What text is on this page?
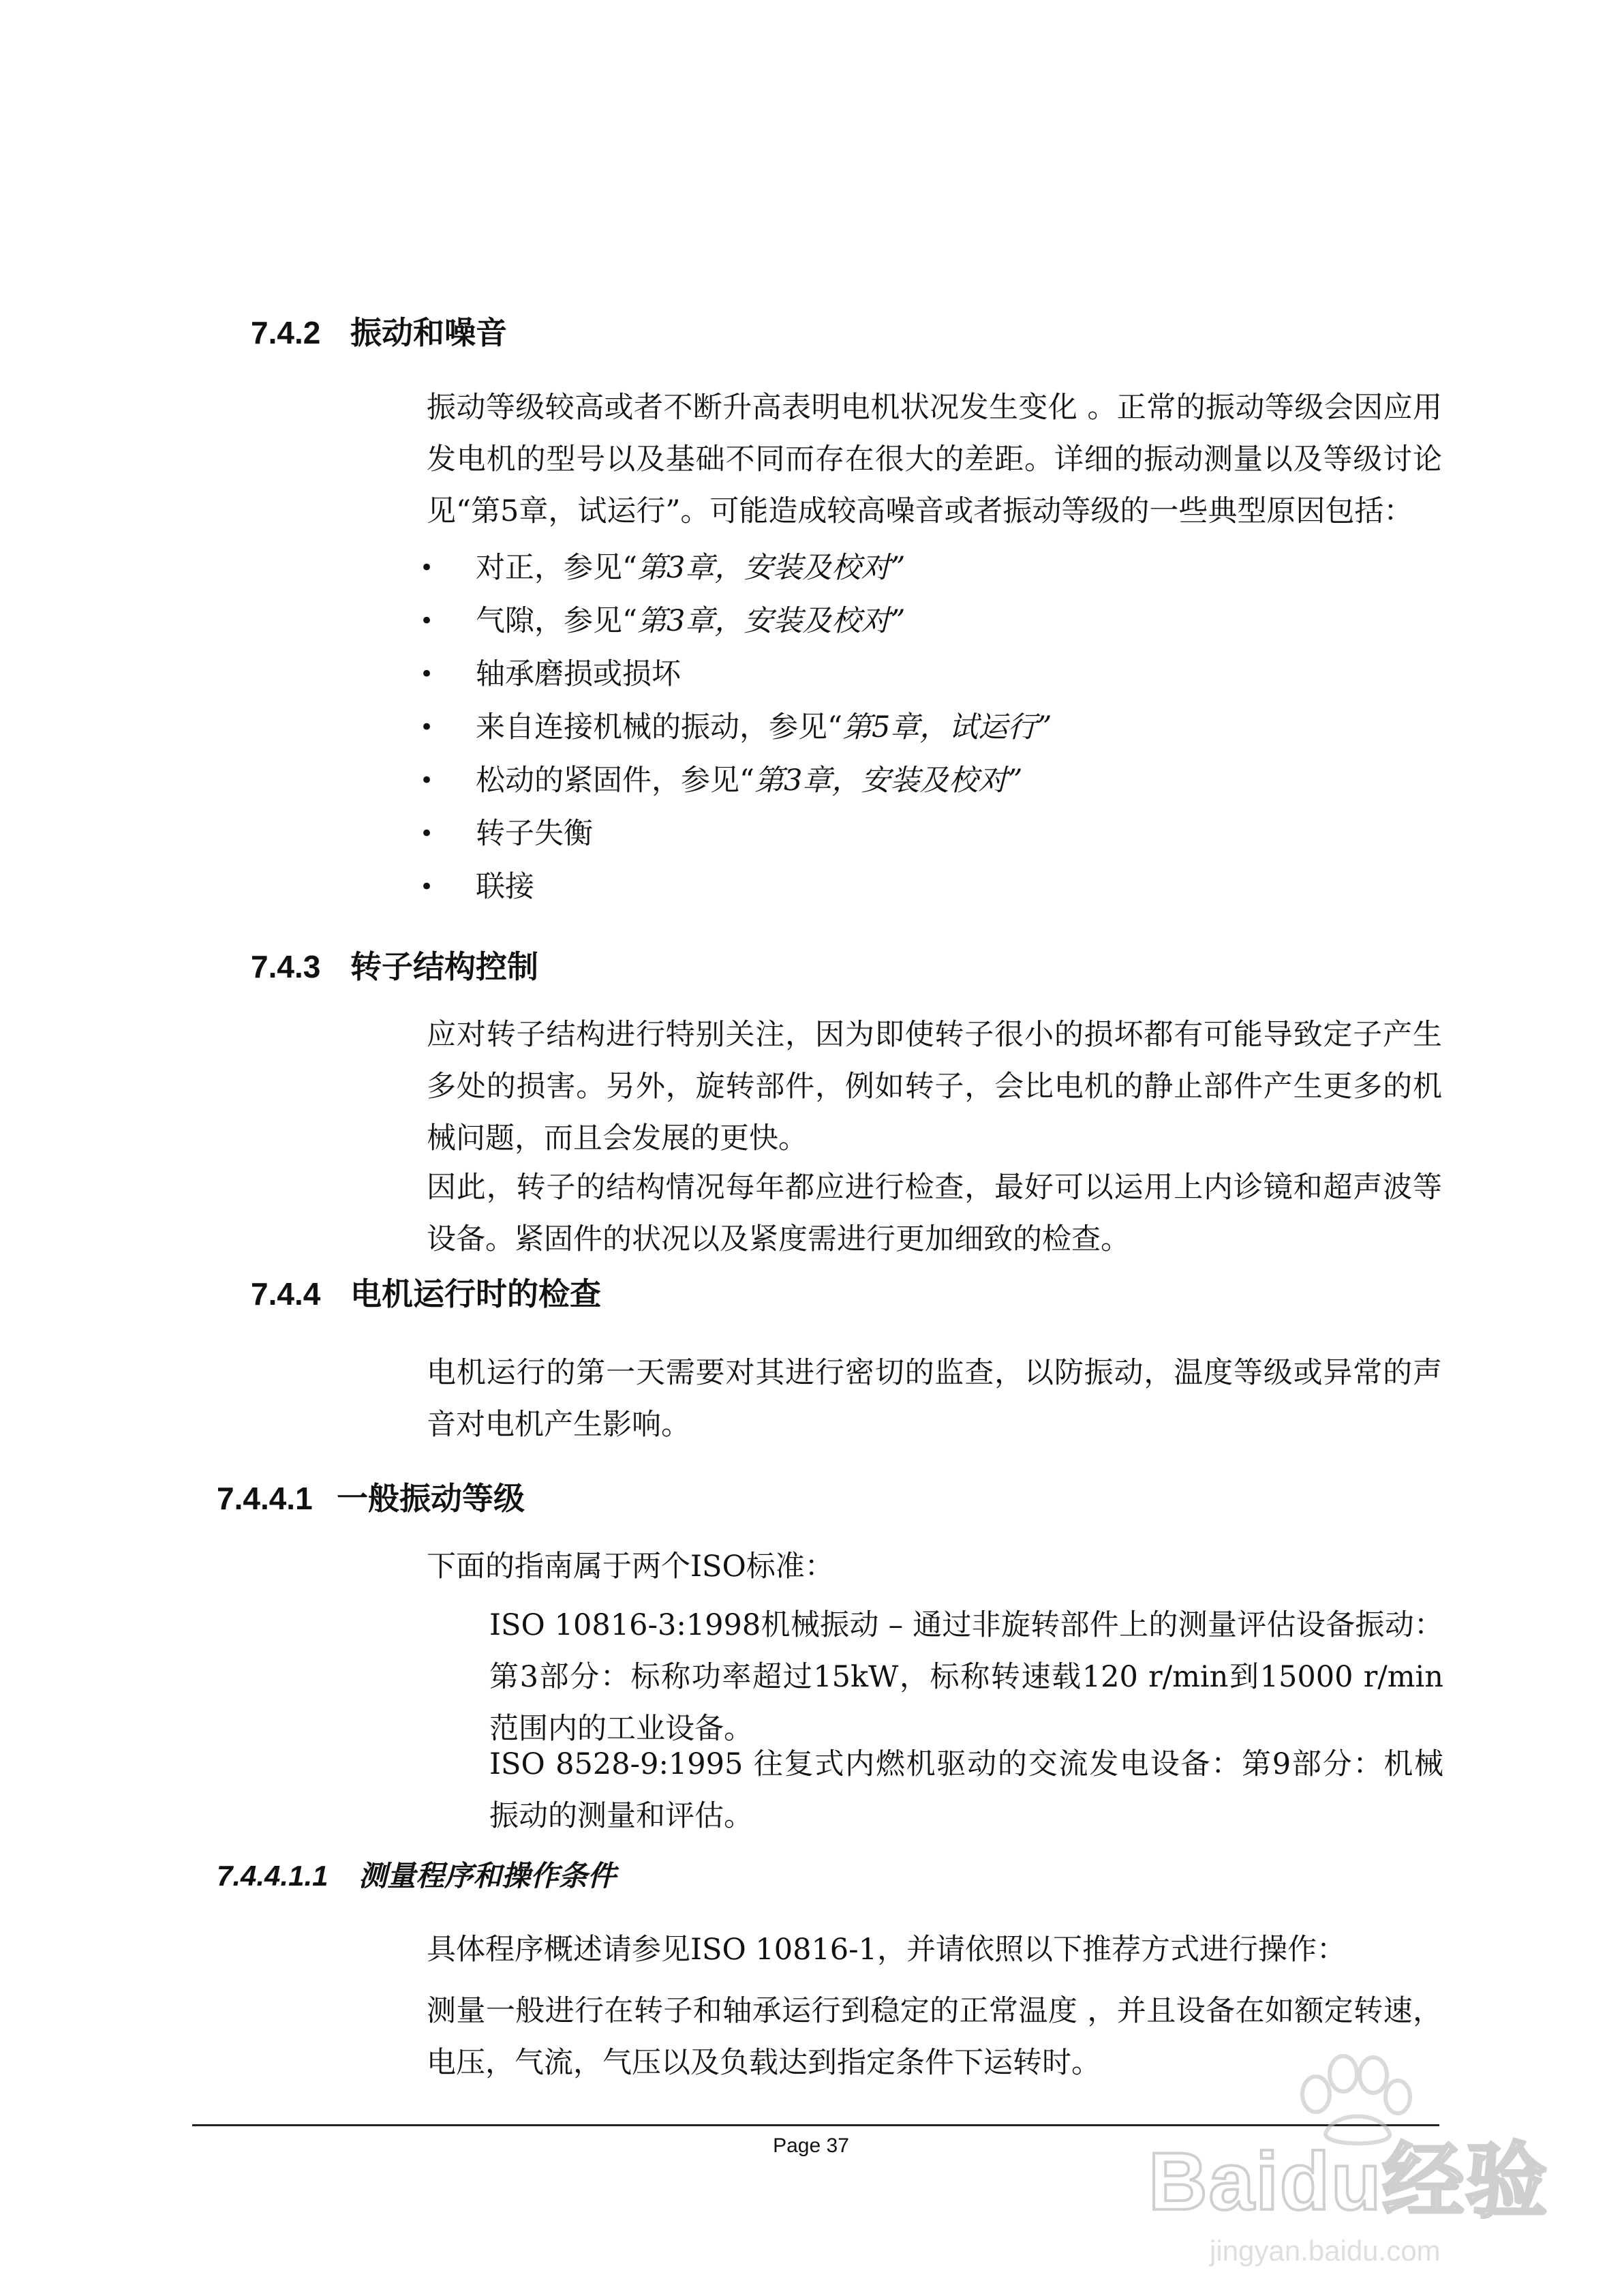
7.4.2 振动和噪音

振动等级较高或者不断升高表明电机状况发生变化 。正常的振动等级会因应用发电机的型号以及基础不同而存在很大的差距。详细的振动测量以及等级讨论见“第5章，试运行”。可能造成较高噪音或者振动等级的一些典型原因包括：

•	对正，参见“ 第3章，安装及校对 ”
•	气隙，参见“ 第3章，安装及校对 ”
•	轴承磨损或损坏
•	来自连接机械的振动，参见“ 第5章，试运行 ”
•	松动的紧固件，参见“ 第3章，安装及校对 ”
•	转子失衡
•	联接
7.4.3 转子结构控制

应对转子结构进行特别关注，因为即使转子很小的损坏都有可能导致定子产生多处的损害。另外，旋转部件，例如转子，会比电机的静止部件产生更多的机械问题，而且会发展的更快。

因此，转子的结构情况每年都应进行检查，最好可以运用上内诊镜和超声波等设备。紧固件的状况以及紧度需进行更加细致的检查。

7.4.4 电机运行时的检查

电机运行的第一天需要对其进行密切的监查，以防振动，温度等级或异常的声音对电机产生影响。

7.4.4.1 一般振动等级

下面的指南属于两个ISO标准：

ISO 10816-3:1998机械振动 – 通过非旋转部件上的测量评估设备振动：第3部分：标称功率超过15kW，标称转速载120 r/min到15000 r/min范围内的工业设备。

ISO 8528-9:1995 往复式内燃机驱动的交流发电设备：第9部分：机械振动的测量和评估。

7.4.4.1.1 测量程序和操作条件

具体程序概述请参见ISO 10816-1，并请依照以下推荐方式进行操作：

测量一般进行在转子和轴承运行到稳定的正常温度 ，并且设备在如额定转速，电压，气流，气压以及负载达到指定条件下运转时。

Page 37	Baidu经验
jingyan.baidu.com
